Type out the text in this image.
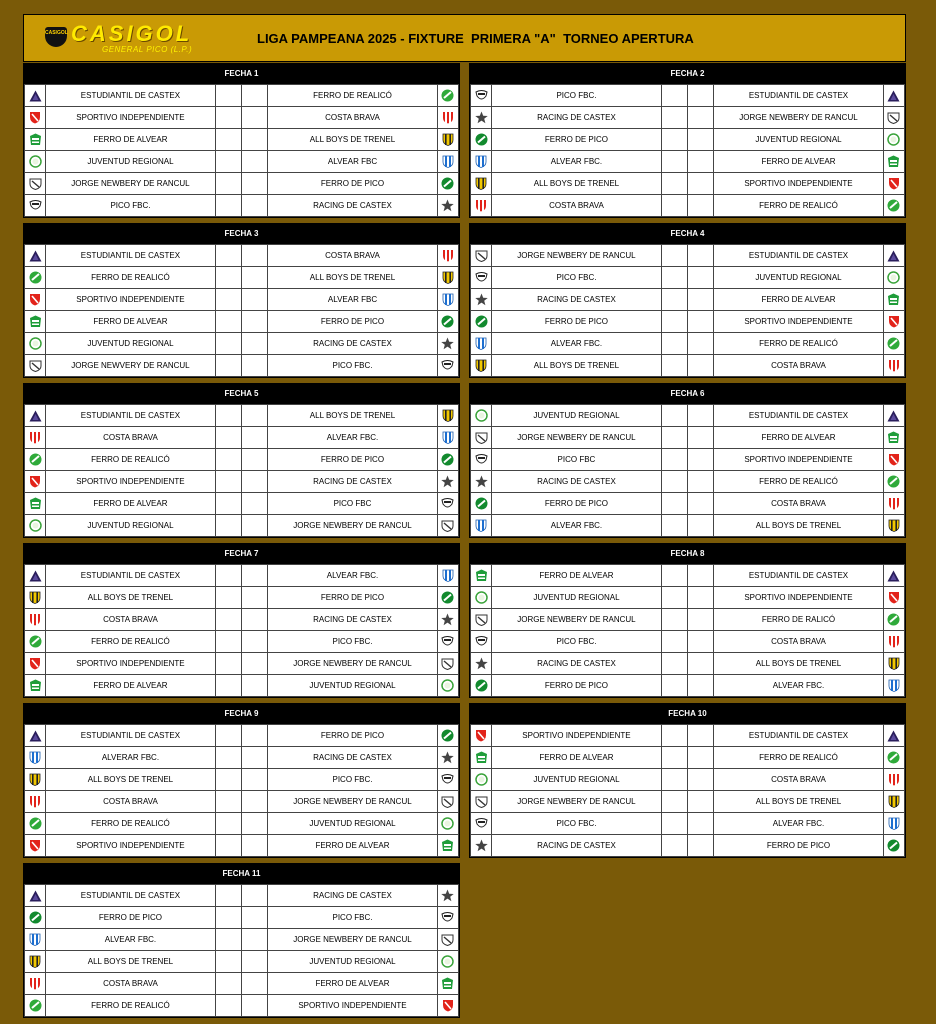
CASIGOL CASIGOL
GENERAL PICO (L.P.)
LIGA PAMPEANA 2025 - FIXTURE  PRIMERA "A"  TORNEO APERTURA
FECHA 1
	ESTUDIANTIL DE CASTEX			FERRO DE REALICÓ	
	SPORTIVO INDEPENDIENTE			COSTA BRAVA	
	FERRO DE ALVEAR			ALL BOYS DE TRENEL	
	JUVENTUD REGIONAL			ALVEAR FBC	
	JORGE NEWBERY DE RANCUL			FERRO DE PICO	
	PICO FBC.			RACING DE CASTEX	
FECHA 2
	PICO FBC.			ESTUDIANTIL DE CASTEX	
	RACING DE CASTEX			JORGE NEWBERY DE RANCUL	
	FERRO DE PICO			JUVENTUD REGIONAL	
	ALVEAR FBC.			FERRO DE ALVEAR	
	ALL BOYS DE TRENEL			SPORTIVO INDEPENDIENTE	
	COSTA BRAVA			FERRO DE REALICÓ	
FECHA 3
	ESTUDIANTIL DE CASTEX			COSTA BRAVA	
	FERRO DE REALICÓ			ALL BOYS DE TRENEL	
	SPORTIVO INDEPENDIENTE			ALVEAR FBC	
	FERRO DE ALVEAR			FERRO DE PICO	
	JUVENTUD REGIONAL			RACING DE CASTEX	
	JORGE NEWVERY DE RANCUL			PICO FBC.	
FECHA 4
	JORGE NEWBERY DE RANCUL			ESTUDIANTIL DE CASTEX	
	PICO FBC.			JUVENTUD REGIONAL	
	RACING DE CASTEX			FERRO DE ALVEAR	
	FERRO DE PICO			SPORTIVO INDEPENDIENTE	
	ALVEAR FBC.			FERRO DE REALICÓ	
	ALL BOYS DE TRENEL			COSTA BRAVA	
FECHA 5
	ESTUDIANTIL DE CASTEX			ALL BOYS DE TRENEL	
	COSTA BRAVA			ALVEAR FBC.	
	FERRO DE REALICÓ			FERRO DE PICO	
	SPORTIVO INDEPENDIENTE			RACING DE CASTEX	
	FERRO DE ALVEAR			PICO FBC	
	JUVENTUD REGIONAL			JORGE NEWBERY DE RANCUL	
FECHA 6
	JUVENTUD REGIONAL			ESTUDIANTIL DE CASTEX	
	JORGE NEWBERY DE RANCUL			FERRO DE ALVEAR	
	PICO FBC			SPORTIVO INDEPENDIENTE	
	RACING DE CASTEX			FERRO DE REALICÓ	
	FERRO DE PICO			COSTA BRAVA	
	ALVEAR FBC.			ALL BOYS DE TRENEL	
FECHA 7
	ESTUDIANTIL DE CASTEX			ALVEAR FBC.	
	ALL BOYS DE TRENEL			FERRO DE PICO	
	COSTA BRAVA			RACING DE CASTEX	
	FERRO DE REALICÓ			PICO FBC.	
	SPORTIVO INDEPENDIENTE			JORGE NEWBERY DE RANCUL	
	FERRO DE ALVEAR			JUVENTUD REGIONAL	
FECHA 8
	FERRO DE ALVEAR			ESTUDIANTIL DE CASTEX	
	JUVENTUD REGIONAL			SPORTIVO INDEPENDIENTE	
	JORGE NEWBERY DE RANCUL			FERRO DE RALICÓ	
	PICO FBC.			COSTA BRAVA	
	RACING DE CASTEX			ALL BOYS DE TRENEL	
	FERRO DE PICO			ALVEAR FBC.	
FECHA 9
	ESTUDIANTIL DE CASTEX			FERRO DE PICO	
	ALVERAR FBC.			RACING DE CASTEX	
	ALL BOYS DE TRENEL			PICO FBC.	
	COSTA BRAVA			JORGE NEWBERY DE RANCUL	
	FERRO DE REALICÓ			JUVENTUD REGIONAL	
	SPORTIVO INDEPENDIENTE			FERRO DE ALVEAR	
FECHA 10
	SPORTIVO INDEPENDIENTE			ESTUDIANTIL DE CASTEX	
	FERRO DE ALVEAR			FERRO DE REALICÓ	
	JUVENTUD REGIONAL			COSTA BRAVA	
	JORGE NEWBERY DE RANCUL			ALL BOYS DE TRENEL	
	PICO FBC.			ALVEAR FBC.	
	RACING DE CASTEX			FERRO DE PICO	
FECHA 11
	ESTUDIANTIL DE CASTEX			RACING DE CASTEX	
	FERRO DE PICO			PICO FBC.	
	ALVEAR FBC.			JORGE NEWBERY DE RANCUL	
	ALL BOYS DE TRENEL			JUVENTUD REGIONAL	
	COSTA BRAVA			FERRO DE ALVEAR	
	FERRO DE REALICÓ			SPORTIVO INDEPENDIENTE	
